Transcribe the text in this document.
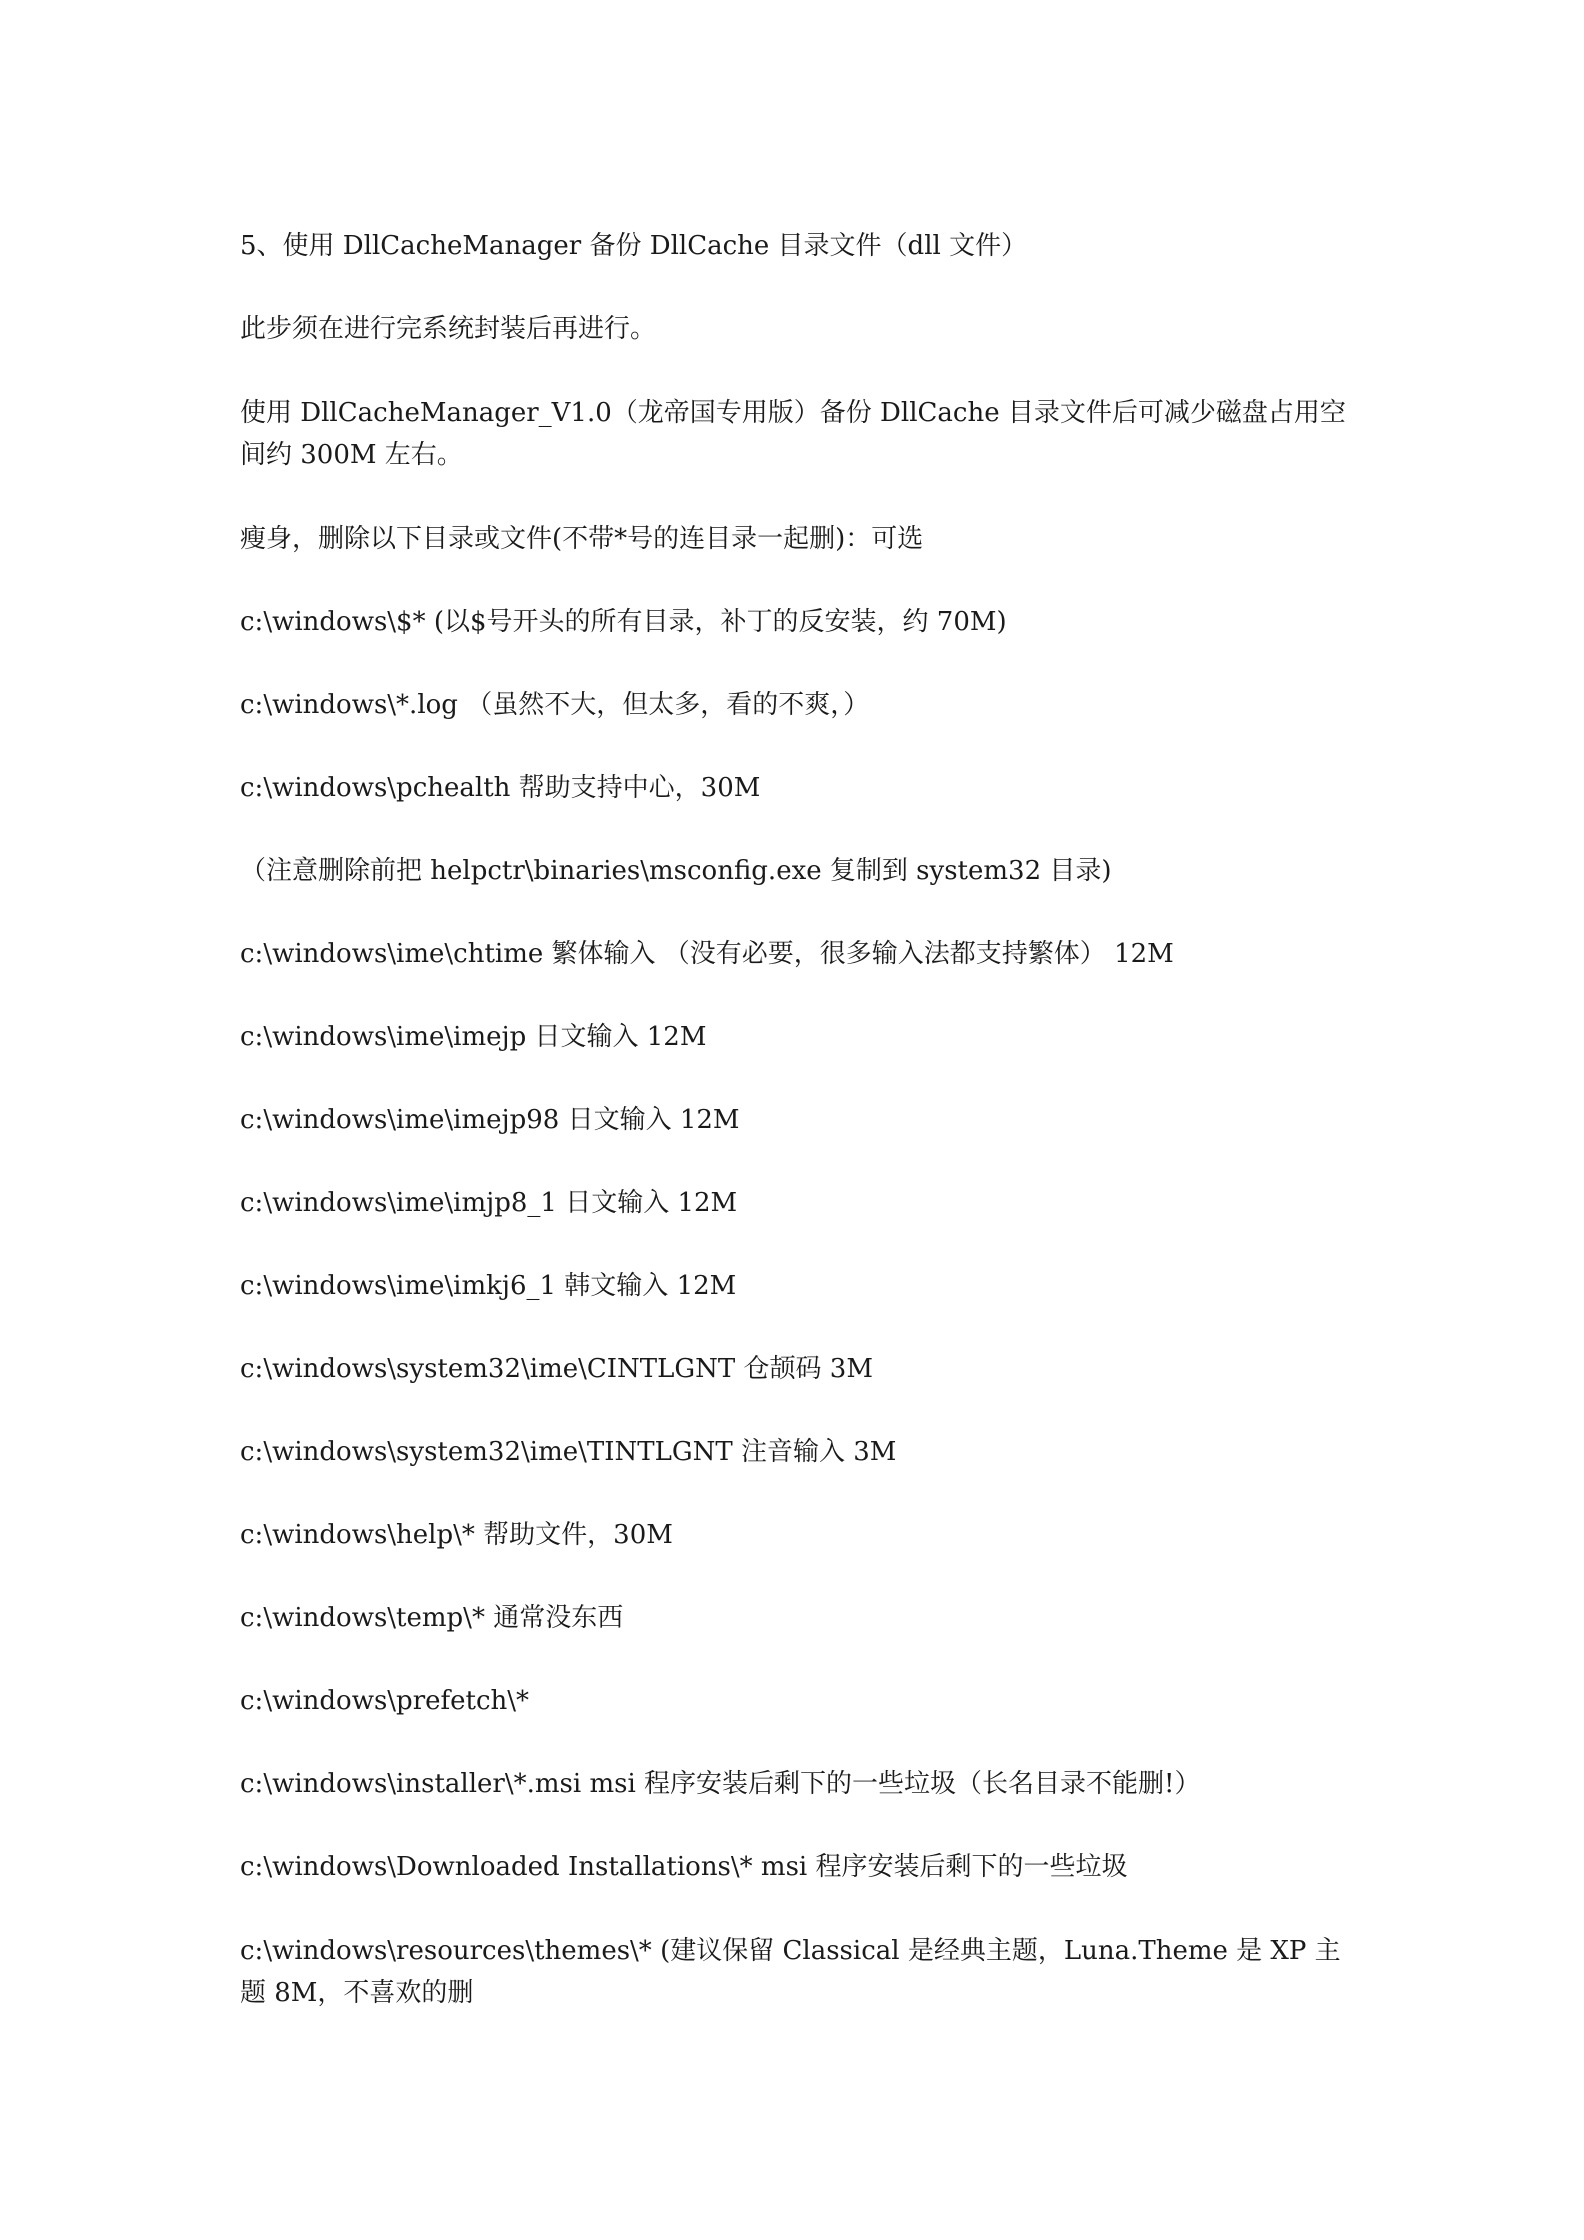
5、使用 DllCacheManager 备份 DllCache 目录文件（dll 文件）

此步须在进行完系统封装后再进行。

使用 DllCacheManager_V1.0（龙帝国专用版）备份 DllCache 目录文件后可减少磁盘占用空间约 300M 左右。

瘦身，删除以下目录或文件(不带*号的连目录一起删)：可选

c:\windows\$* (以$号开头的所有目录，补丁的反安装，约 70M)

c:\windows\*.log （虽然不大，但太多，看的不爽，）

c:\windows\pchealth 帮助支持中心，30M

（注意删除前把 helpctr\binaries\msconfig.exe 复制到 system32 目录)

c:\windows\ime\chtime 繁体输入 （没有必要，很多输入法都支持繁体） 12M

c:\windows\ime\imejp 日文输入 12M

c:\windows\ime\imejp98 日文输入 12M

c:\windows\ime\imjp8_1 日文输入 12M

c:\windows\ime\imkj6_1 韩文输入 12M

c:\windows\system32\ime\CINTLGNT 仓颉码 3M

c:\windows\system32\ime\TINTLGNT 注音输入 3M

c:\windows\help\* 帮助文件，30M

c:\windows\temp\* 通常没东西

c:\windows\prefetch\*

c:\windows\installer\*.msi msi 程序安装后剩下的一些垃圾（长名目录不能删!）

c:\windows\Downloaded Installations\* msi 程序安装后剩下的一些垃圾

c:\windows\resources\themes\* (建议保留 Classical 是经典主题，Luna.Theme 是 XP 主题 8M，不喜欢的删
